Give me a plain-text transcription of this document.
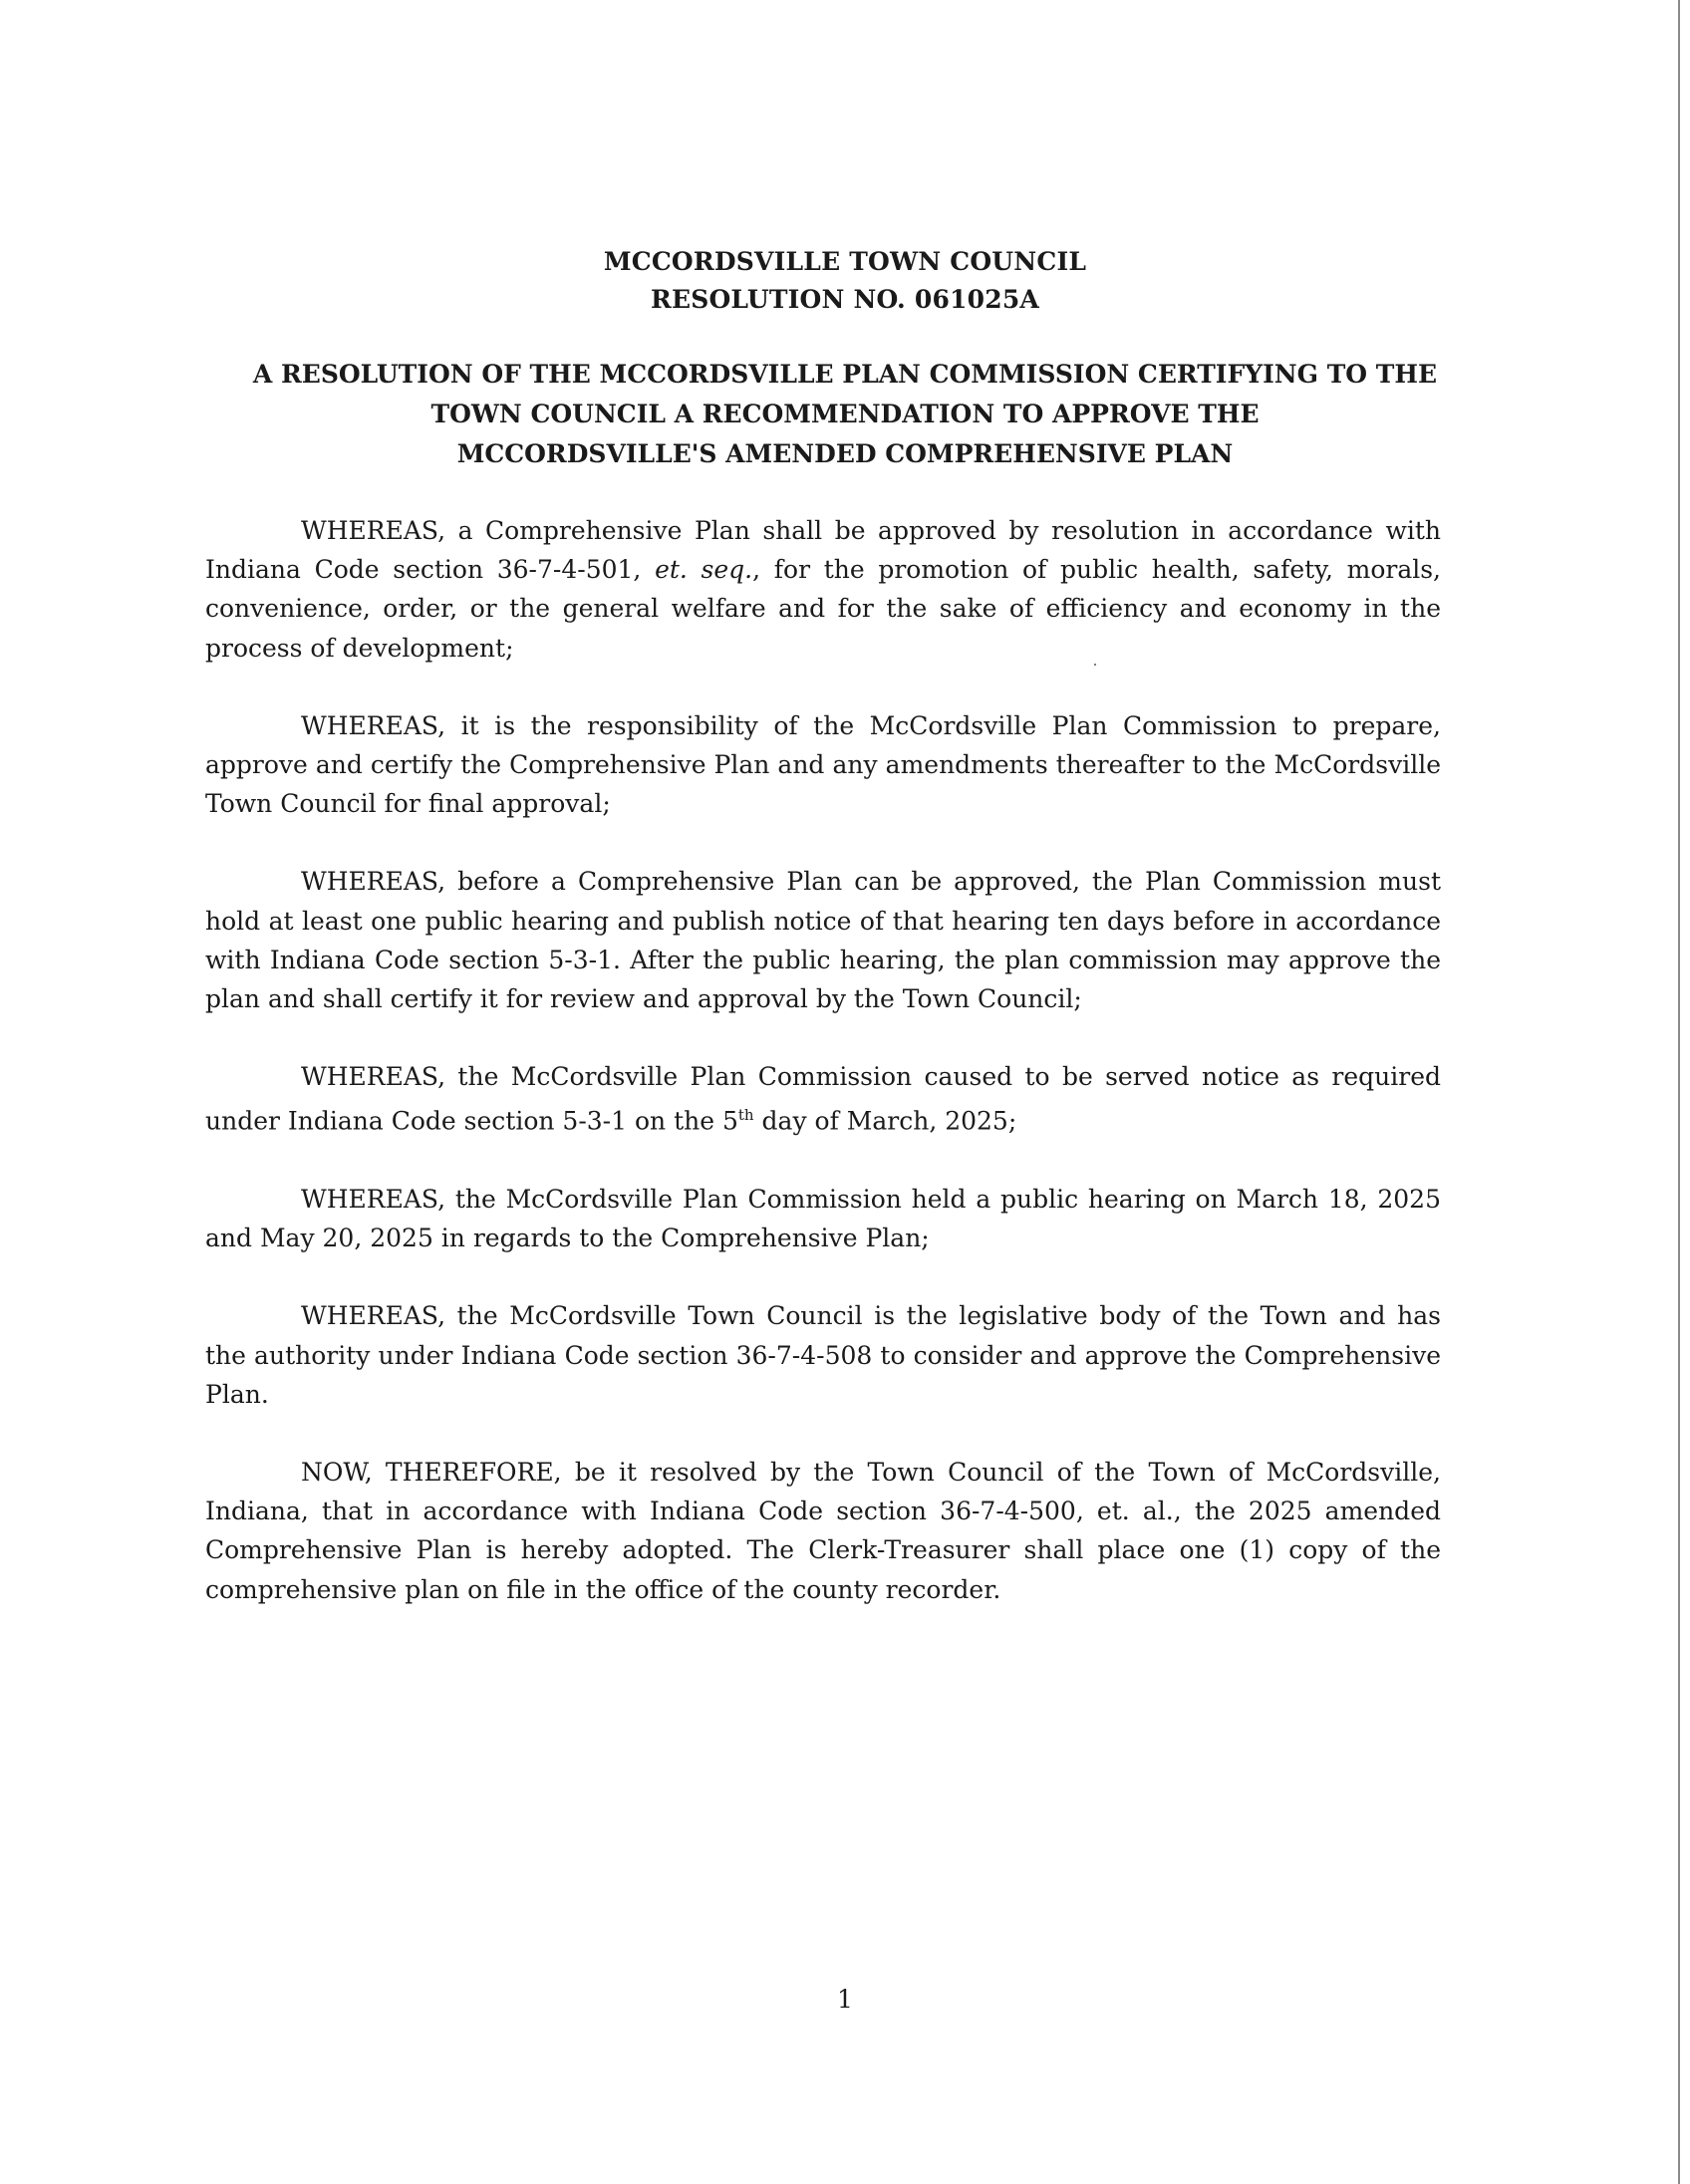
MCCORDSVILLE TOWN COUNCIL
RESOLUTION NO. 061025A
A RESOLUTION OF THE MCCORDSVILLE PLAN COMMISSION CERTIFYING TO THE
TOWN COUNCIL A RECOMMENDATION TO APPROVE THE
MCCORDSVILLE'S AMENDED COMPREHENSIVE PLAN

WHEREAS, a Comprehensive Plan shall be approved by resolution in accordance with Indiana Code section 36-7-4-501, et. seq., for the promotion of public health, safety, morals, convenience, order, or the general welfare and for the sake of efficiency and economy in the process of development;

WHEREAS, it is the responsibility of the McCordsville Plan Commission to prepare, approve and certify the Comprehensive Plan and any amendments thereafter to the McCordsville Town Council for final approval;

WHEREAS, before a Comprehensive Plan can be approved, the Plan Commission must hold at least one public hearing and publish notice of that hearing ten days before in accordance with Indiana Code section 5-3-1. After the public hearing, the plan commission may approve the plan and shall certify it for review and approval by the Town Council;

WHEREAS, the McCordsville Plan Commission caused to be served notice as required under Indiana Code section 5-3-1 on the 5th day of March, 2025;

WHEREAS, the McCordsville Plan Commission held a public hearing on March 18, 2025 and May 20, 2025 in regards to the Comprehensive Plan;

WHEREAS, the McCordsville Town Council is the legislative body of the Town and has the authority under Indiana Code section 36-7-4-508 to consider and approve the Comprehensive Plan.

NOW, THEREFORE, be it resolved by the Town Council of the Town of McCordsville, Indiana, that in accordance with Indiana Code section 36-7-4-500, et. al., the 2025 amended Comprehensive Plan is hereby adopted. The Clerk-Treasurer shall place one (1) copy of the comprehensive plan on file in the office of the county recorder.

1
